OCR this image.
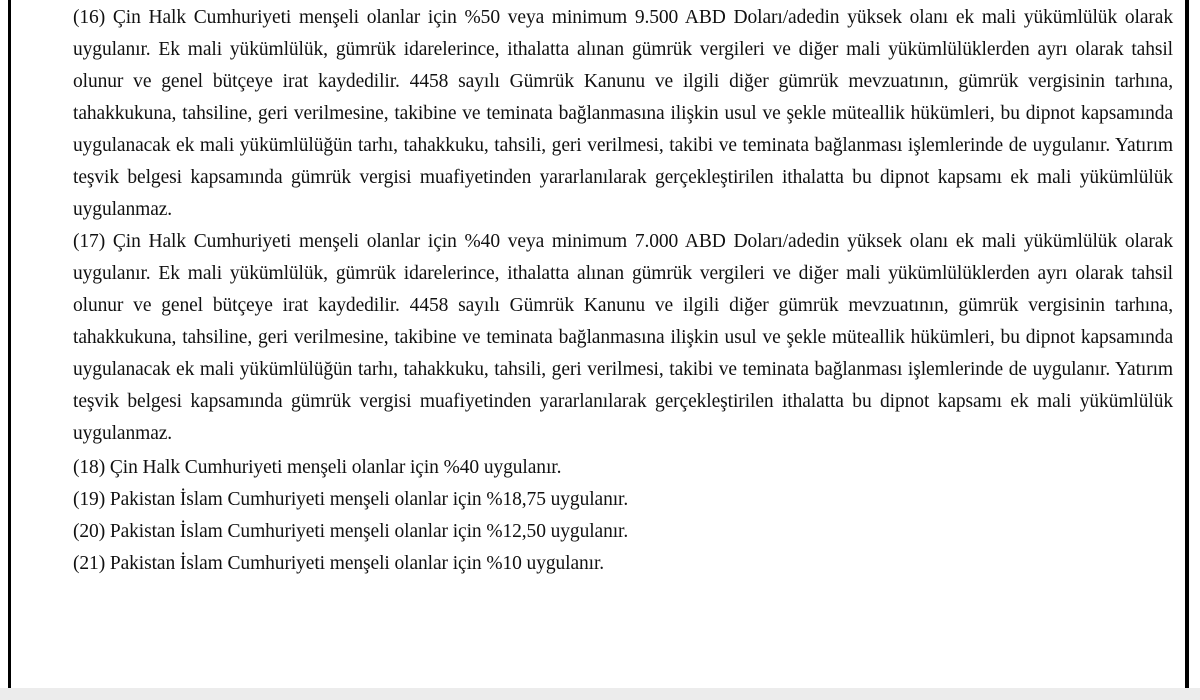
(16) Çin Halk Cumhuriyeti menşeli olanlar için %50 veya minimum 9.500 ABD Doları/adedin yüksek olanı ek mali yükümlülük olarak uygulanır. Ek mali yükümlülük, gümrük idarelerince, ithalatta alınan gümrük vergileri ve diğer mali yükümlülüklerden ayrı olarak tahsil olunur ve genel bütçeye irat kaydedilir. 4458 sayılı Gümrük Kanunu ve ilgili diğer gümrük mevzuatının, gümrük vergisinin tarhına, tahakkukuna, tahsiline, geri verilmesine, takibine ve teminata bağlanmasına ilişkin usul ve şekle müteallik hükümleri, bu dipnot kapsamında uygulanacak ek mali yükümlülüğün tarhı, tahakkuku, tahsili, geri verilmesi, takibi ve teminata bağlanması işlemlerinde de uygulanır. Yatırım teşvik belgesi kapsamında gümrük vergisi muafiyetinden yararlanılarak gerçekleştirilen ithalatta bu dipnot kapsamı ek mali yükümlülük uygulanmaz.

(17) Çin Halk Cumhuriyeti menşeli olanlar için %40 veya minimum 7.000 ABD Doları/adedin yüksek olanı ek mali yükümlülük olarak uygulanır. Ek mali yükümlülük, gümrük idarelerince, ithalatta alınan gümrük vergileri ve diğer mali yükümlülüklerden ayrı olarak tahsil olunur ve genel bütçeye irat kaydedilir. 4458 sayılı Gümrük Kanunu ve ilgili diğer gümrük mevzuatının, gümrük vergisinin tarhına, tahakkukuna, tahsiline, geri verilmesine, takibine ve teminata bağlanmasına ilişkin usul ve şekle müteallik hükümleri, bu dipnot kapsamında uygulanacak ek mali yükümlülüğün tarhı, tahakkuku, tahsili, geri verilmesi, takibi ve teminata bağlanması işlemlerinde de uygulanır. Yatırım teşvik belgesi kapsamında gümrük vergisi muafiyetinden yararlanılarak gerçekleştirilen ithalatta bu dipnot kapsamı ek mali yükümlülük uygulanmaz.

(18) Çin Halk Cumhuriyeti menşeli olanlar için %40 uygulanır.

(19) Pakistan İslam Cumhuriyeti menşeli olanlar için %18,75 uygulanır.

(20) Pakistan İslam Cumhuriyeti menşeli olanlar için %12,50 uygulanır.

(21) Pakistan İslam Cumhuriyeti menşeli olanlar için %10 uygulanır.
